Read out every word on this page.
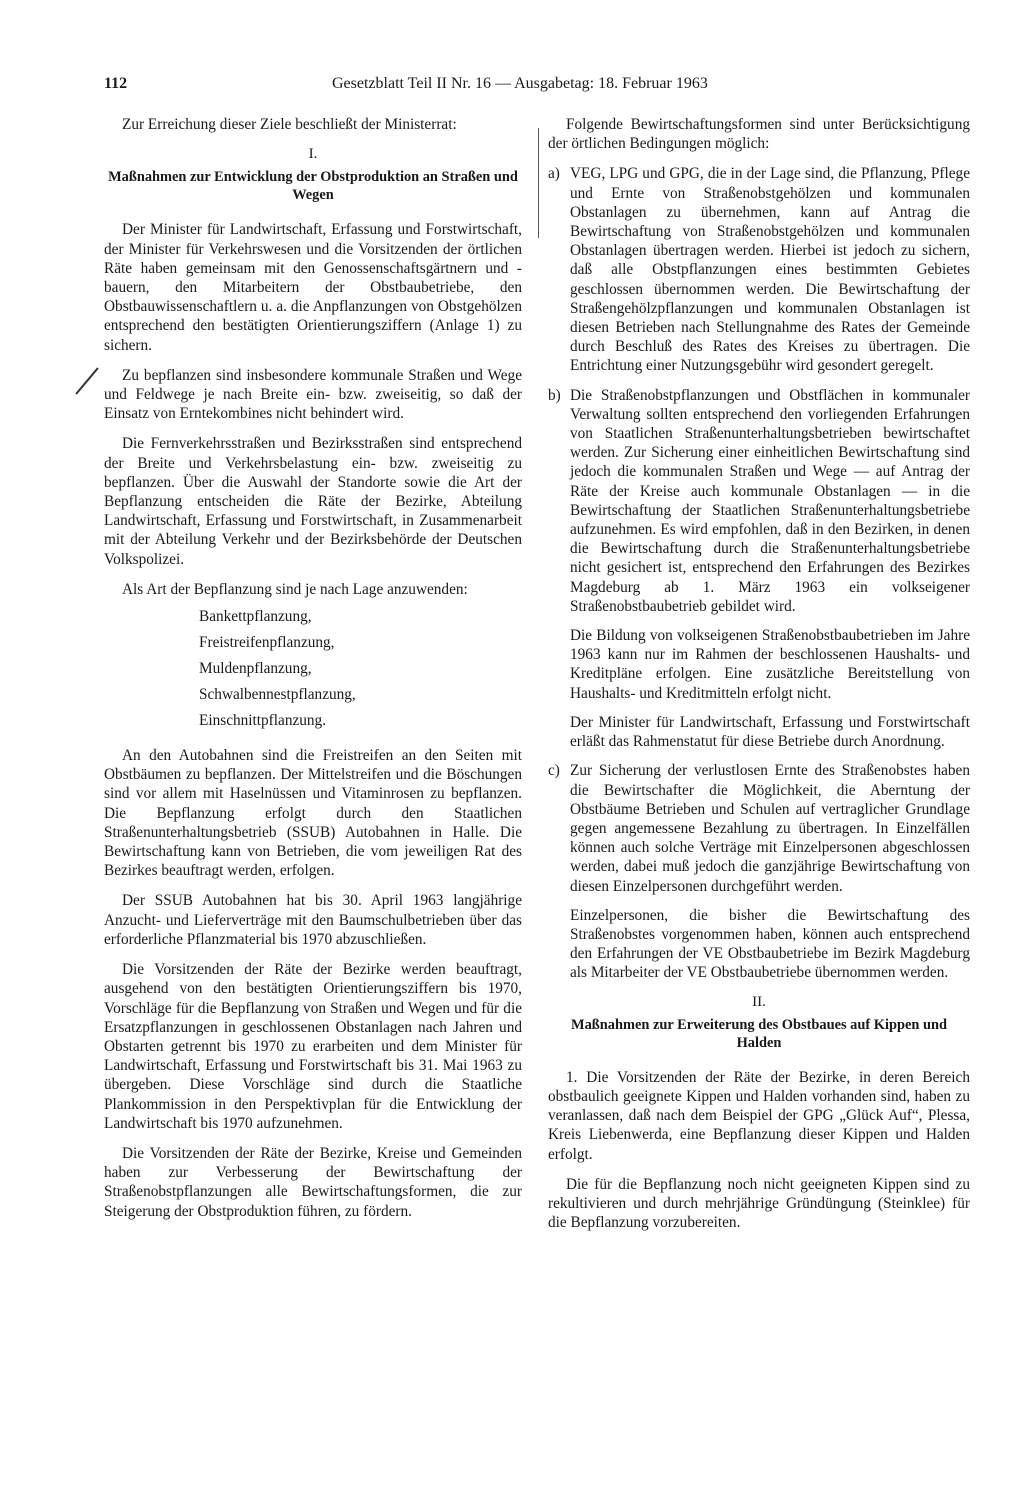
112	Gesetzblatt Teil II Nr. 16 — Ausgabetag: 18. Februar 1963

Zur Erreichung dieser Ziele beschließt der Ministerrat:

I.
Maßnahmen zur Entwicklung der Obstproduktion an Straßen und Wegen

Der Minister für Landwirtschaft, Erfassung und Forstwirtschaft, der Minister für Verkehrswesen und die Vorsitzenden der örtlichen Räte haben gemeinsam mit den Genossenschaftsgärtnern und -bauern, den Mitarbeitern der Obstbaubetriebe, den Obstbauwissenschaftlern u. a. die Anpflanzungen von Obstgehölzen entsprechend den bestätigten Orientierungsziffern (Anlage 1) zu sichern.

Zu bepflanzen sind insbesondere kommunale Straßen und Wege und Feldwege je nach Breite ein- bzw. zweiseitig, so daß der Einsatz von Erntekombines nicht behindert wird.

Die Fernverkehrsstraßen und Bezirksstraßen sind entsprechend der Breite und Verkehrsbelastung ein- bzw. zweiseitig zu bepflanzen. Über die Auswahl der Standorte sowie die Art der Bepflanzung entscheiden die Räte der Bezirke, Abteilung Landwirtschaft, Erfassung und Forstwirtschaft, in Zusammenarbeit mit der Abteilung Verkehr und der Bezirksbehörde der Deutschen Volkspolizei.

Als Art der Bepflanzung sind je nach Lage anzuwenden:

Bankettpflanzung,
Freistreifenpflanzung,
Muldenpflanzung,
Schwalbennestpflanzung,
Einschnittpflanzung.

An den Autobahnen sind die Freistreifen an den Seiten mit Obstbäumen zu bepflanzen. Der Mittelstreifen und die Böschungen sind vor allem mit Haselnüssen und Vitaminrosen zu bepflanzen. Die Bepflanzung erfolgt durch den Staatlichen Straßenunterhaltungsbetrieb (SSUB) Autobahnen in Halle. Die Bewirtschaftung kann von Betrieben, die vom jeweiligen Rat des Bezirkes beauftragt werden, erfolgen.

Der SSUB Autobahnen hat bis 30. April 1963 langjährige Anzucht- und Lieferverträge mit den Baumschulbetrieben über das erforderliche Pflanzmaterial bis 1970 abzuschließen.

Die Vorsitzenden der Räte der Bezirke werden beauftragt, ausgehend von den bestätigten Orientierungsziffern bis 1970, Vorschläge für die Bepflanzung von Straßen und Wegen und für die Ersatzpflanzungen in geschlossenen Obstanlagen nach Jahren und Obstarten getrennt bis 1970 zu erarbeiten und dem Minister für Landwirtschaft, Erfassung und Forstwirtschaft bis 31. Mai 1963 zu übergeben. Diese Vorschläge sind durch die Staatliche Plankommission in den Perspektivplan für die Entwicklung der Landwirtschaft bis 1970 aufzunehmen.

Die Vorsitzenden der Räte der Bezirke, Kreise und Gemeinden haben zur Verbesserung der Bewirtschaftung der Straßenobstpflanzungen alle Bewirtschaftungsformen, die zur Steigerung der Obstproduktion führen, zu fördern.

Folgende Bewirtschaftungsformen sind unter Berücksichtigung der örtlichen Bedingungen möglich:

a) VEG, LPG und GPG, die in der Lage sind, die Pflanzung, Pflege und Ernte von Straßenobstgehölzen und kommunalen Obstanlagen zu übernehmen, kann auf Antrag die Bewirtschaftung von Straßenobstgehölzen und kommunalen Obstanlagen übertragen werden. Hierbei ist jedoch zu sichern, daß alle Obstpflanzungen eines bestimmten Gebietes geschlossen übernommen werden. Die Bewirtschaftung der Straßengehölzpflanzungen und kommunalen Obstanlagen ist diesen Betrieben nach Stellungnahme des Rates der Gemeinde durch Beschluß des Rates des Kreises zu übertragen. Die Entrichtung einer Nutzungsgebühr wird gesondert geregelt.

b) Die Straßenobstpflanzungen und Obstflächen in kommunaler Verwaltung sollten entsprechend den vorliegenden Erfahrungen von Staatlichen Straßenunterhaltungsbetrieben bewirtschaftet werden. Zur Sicherung einer einheitlichen Bewirtschaftung sind jedoch die kommunalen Straßen und Wege — auf Antrag der Räte der Kreise auch kommunale Obstanlagen — in die Bewirtschaftung der Staatlichen Straßenunterhaltungsbetriebe aufzunehmen. Es wird empfohlen, daß in den Bezirken, in denen die Bewirtschaftung durch die Straßenunterhaltungsbetriebe nicht gesichert ist, entsprechend den Erfahrungen des Bezirkes Magdeburg ab 1. März 1963 ein volkseigener Straßenobstbaubetrieb gebildet wird.

Die Bildung von volkseigenen Straßenobstbaubetrieben im Jahre 1963 kann nur im Rahmen der beschlossenen Haushalts- und Kreditpläne erfolgen. Eine zusätzliche Bereitstellung von Haushalts- und Kreditmitteln erfolgt nicht.

Der Minister für Landwirtschaft, Erfassung und Forstwirtschaft erläßt das Rahmenstatut für diese Betriebe durch Anordnung.

c) Zur Sicherung der verlustlosen Ernte des Straßenobstes haben die Bewirtschafter die Möglichkeit, die Aberntung der Obstbäume Betrieben und Schulen auf vertraglicher Grundlage gegen angemessene Bezahlung zu übertragen. In Einzelfällen können auch solche Verträge mit Einzelpersonen abgeschlossen werden, dabei muß jedoch die ganzjährige Bewirtschaftung von diesen Einzelpersonen durchgeführt werden.

Einzelpersonen, die bisher die Bewirtschaftung des Straßenobstes vorgenommen haben, können auch entsprechend den Erfahrungen der VE Obstbaubetriebe im Bezirk Magdeburg als Mitarbeiter der VE Obstbaubetriebe übernommen werden.

II.
Maßnahmen zur Erweiterung des Obstbaues auf Kippen und Halden

1. Die Vorsitzenden der Räte der Bezirke, in deren Bereich obstbaulich geeignete Kippen und Halden vorhanden sind, haben zu veranlassen, daß nach dem Beispiel der GPG „Glück Auf“, Plessa, Kreis Liebenwerda, eine Bepflanzung dieser Kippen und Halden erfolgt.

Die für die Bepflanzung noch nicht geeigneten Kippen sind zu rekultivieren und durch mehrjährige Gründüngung (Steinklee) für die Bepflanzung vorzubereiten.
